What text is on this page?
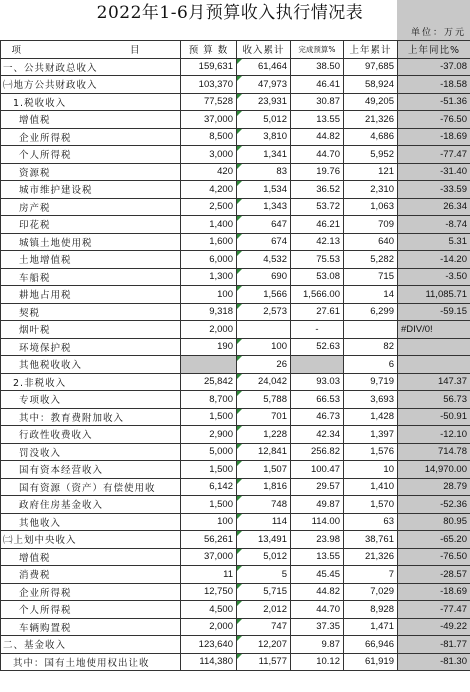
2022年1-6月预算收入执行情况表
单位：万元
项　　目	预 算 数	收入累计	完成预算%	上年累计	上年同比%
一、公共财政总收入	159,631	61,464	38.50	97,685	-37.08
㈠地方公共财政收入	103,370	47,973	46.41	58,924	-18.58
1.税收收入	77,528	23,931	30.87	49,205	-51.36
增值税	37,000	5,012	13.55	21,326	-76.50
企业所得税	8,500	3,810	44.82	4,686	-18.69
个人所得税	3,000	1,341	44.70	5,952	-77.47
资源税	420	83	19.76	121	-31.40
城市维护建设税	4,200	1,534	36.52	2,310	-33.59
房产税	2,500	1,343	53.72	1,063	26.34
印花税	1,400	647	46.21	709	-8.74
城镇土地使用税	1,600	674	42.13	640	5.31
土地增值税	6,000	4,532	75.53	5,282	-14.20
车船税	1,300	690	53.08	715	-3.50
耕地占用税	100	1,566	1,566.00	14	11,085.71
契税	9,318	2,573	27.61	6,299	-59.15
烟叶税	2,000		-		#DIV/0!
环境保护税	190	100	52.63	82	
其他税收收入		26		6	
2.非税收入	25,842	24,042	93.03	9,719	147.37
专项收入	8,700	5,788	66.53	3,693	56.73
其中：教育费附加收入	1,500	701	46.73	1,428	-50.91
行政性收费收入	2,900	1,228	42.34	1,397	-12.10
罚没收入	5,000	12,841	256.82	1,576	714.78
国有资本经营收入	1,500	1,507	100.47	10	14,970.00
国有资源（资产）有偿使用收	6,142	1,816	29.57	1,410	28.79
政府住房基金收入	1,500	748	49.87	1,570	-52.36
其他收入	100	114	114.00	63	80.95
㈡上划中央收入	56,261	13,491	23.98	38,761	-65.20
增值税	37,000	5,012	13.55	21,326	-76.50
消费税	11	5	45.45	7	-28.57
企业所得税	12,750	5,715	44.82	7,029	-18.69
个人所得税	4,500	2,012	44.70	8,928	-77.47
车辆购置税	2,000	747	37.35	1,471	-49.22
二、基金收入	123,640	12,207	9.87	66,946	-81.77
其中：国有土地使用权出让收	114,380	11,577	10.12	61,919	-81.30
